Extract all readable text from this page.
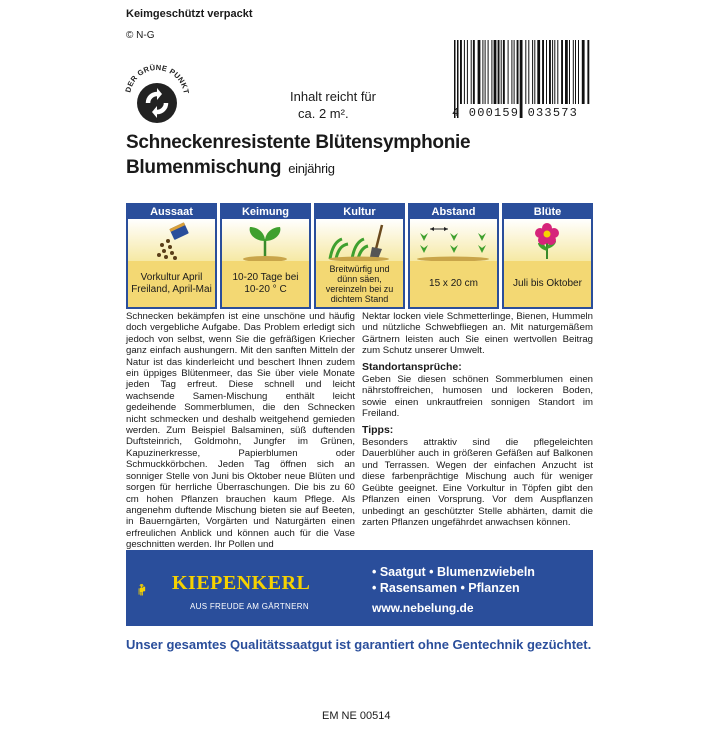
Keimgeschützt verpackt
© N-G
DER GRÜNE PUNKT	Inhalt reicht für
ca. 2 m².	4 000159 033573
Schneckenresistente Blütensymphonie
Blumenmischung einjährig
Aussaat
Vorkultur April Freiland, April-Mai
Keimung
10-20 Tage bei 10-20 ° C
Kultur
Breitwürfig und dünn säen, vereinzeln bei zu dichtem Stand
Abstand
15 x 20 cm
Blüte
Juli bis Oktober

Schnecken bekämpfen ist eine unschöne und häufig doch vergebliche Aufgabe. Das Problem erledigt sich jedoch von selbst, wenn Sie die gefräßigen Kriecher ganz einfach aushungern. Mit den sanften Mitteln der Natur ist das kinderleicht und beschert Ihnen zudem ein üppiges Blütenmeer, das Sie über viele Monate jeden Tag erfreut. Diese schnell und leicht wachsende Samen-Mischung enthält leicht gedeihende Sommerblumen, die den Schnecken nicht schmecken und deshalb weitgehend gemieden werden. Zum Beispiel Balsaminen, süß duftenden Duftsteinrich, Goldmohn, Jungfer im Grünen, Kapuzinerkresse, Papierblumen oder Schmuckkörbchen. Jeden Tag öffnen sich an sonniger Stelle von Juni bis Oktober neue Blüten und sorgen für herrliche Überraschungen. Die bis zu 60 cm hohen Pflanzen brauchen kaum Pflege. Als angenehm duftende Mischung bieten sie auf Beeten, in Bauerngärten, Vorgärten und Naturgärten einen erfreulichen Anblick und können auch für die Vase geschnitten werden. Ihr Pollen und

Nektar locken viele Schmetterlinge, Bienen, Hummeln und nützliche Schwebfliegen an. Mit naturgemäßem Gärtnern leisten auch Sie einen wertvollen Beitrag zum Schutz unserer Umwelt.

Standortansprüche:

Geben Sie diesen schönen Sommerblumen einen nährstoffreichen, humosen und lockeren Boden, sowie einen unkrautfreien sonnigen Standort im Freiland.

Tipps:

Besonders attraktiv sind die pflegeleichten Dauerblüher auch in größeren Gefäßen auf Balkonen und Terrassen. Wegen der einfachen Anzucht ist diese farbenprächtige Mischung auch für weniger Geübte geeignet. Eine Vorkultur in Töpfen gibt den Pflanzen einen Vorsprung. Vor dem Auspflanzen unbedingt an geschützter Stelle abhärten, damit die zarten Pflanzen ungefährdet anwachsen können.

KIEPENKERL
AUS FREUDE AM GÄRTNERN
• Saatgut • Blumenzwiebeln
• Rasensamen • Pflanzen
www.nebelung.de
Unser gesamtes Qualitätssaatgut ist garantiert ohne Gentechnik gezüchtet.
EM NE 00514
